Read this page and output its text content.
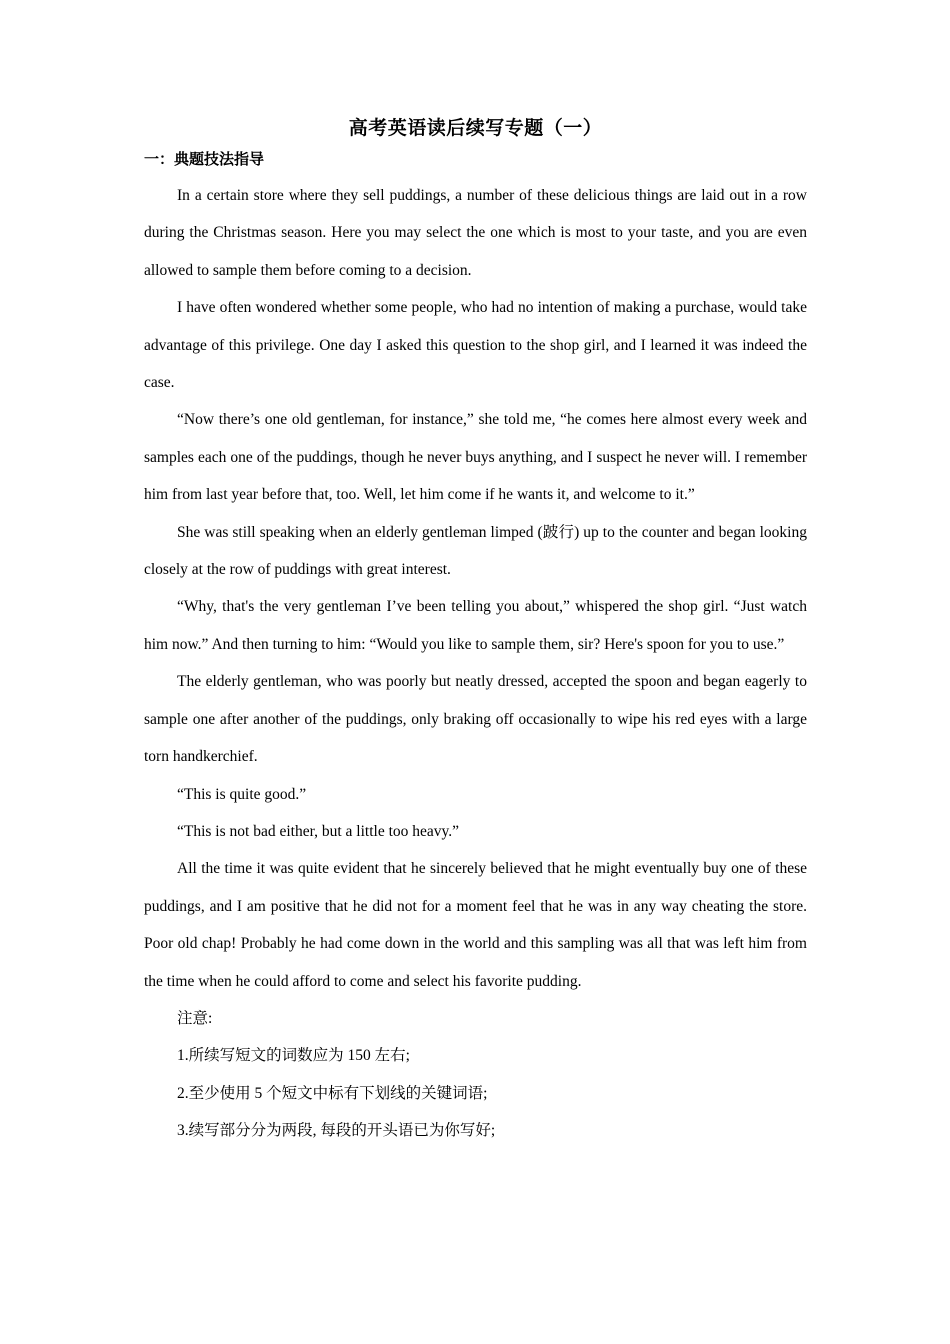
高考英语读后续写专题（一）
一：典题技法指导

In a certain store where they sell puddings, a number of these delicious things are laid out in a row during the Christmas season. Here you may select the one which is most to your taste, and you are even allowed to sample them before coming to a decision.

I have often wondered whether some people, who had no intention of making a purchase, would take advantage of this privilege. One day I asked this question to the shop girl, and I learned it was indeed the case.

“Now there’s one old gentleman, for instance,” she told me, “he comes here almost every week and samples each one of the puddings, though he never buys anything, and I suspect he never will. I remember him from last year before that, too. Well, let him come if he wants it, and welcome to it.”

She was still speaking when an elderly gentleman limped (跛行) up to the counter and began looking closely at the row of puddings with great interest.

“Why, that's the very gentleman I’ve been telling you about,” whispered the shop girl. “Just watch him now.” And then turning to him: “Would you like to sample them, sir? Here's spoon for you to use.”

The elderly gentleman, who was poorly but neatly dressed, accepted the spoon and began eagerly to sample one after another of the puddings, only braking off occasionally to wipe his red eyes with a large torn handkerchief.

“This is quite good.”

“This is not bad either, but a little too heavy.”

All the time it was quite evident that he sincerely believed that he might eventually buy one of these puddings, and I am positive that he did not for a moment feel that he was in any way cheating the store. Poor old chap! Probably he had come down in the world and this sampling was all that was left him from the time when he could afford to come and select his favorite pudding.

注意:

1.所续写短文的词数应为 150 左右;

2.至少使用 5 个短文中标有下划线的关键词语;

3.续写部分分为两段, 每段的开头语已为你写好;
